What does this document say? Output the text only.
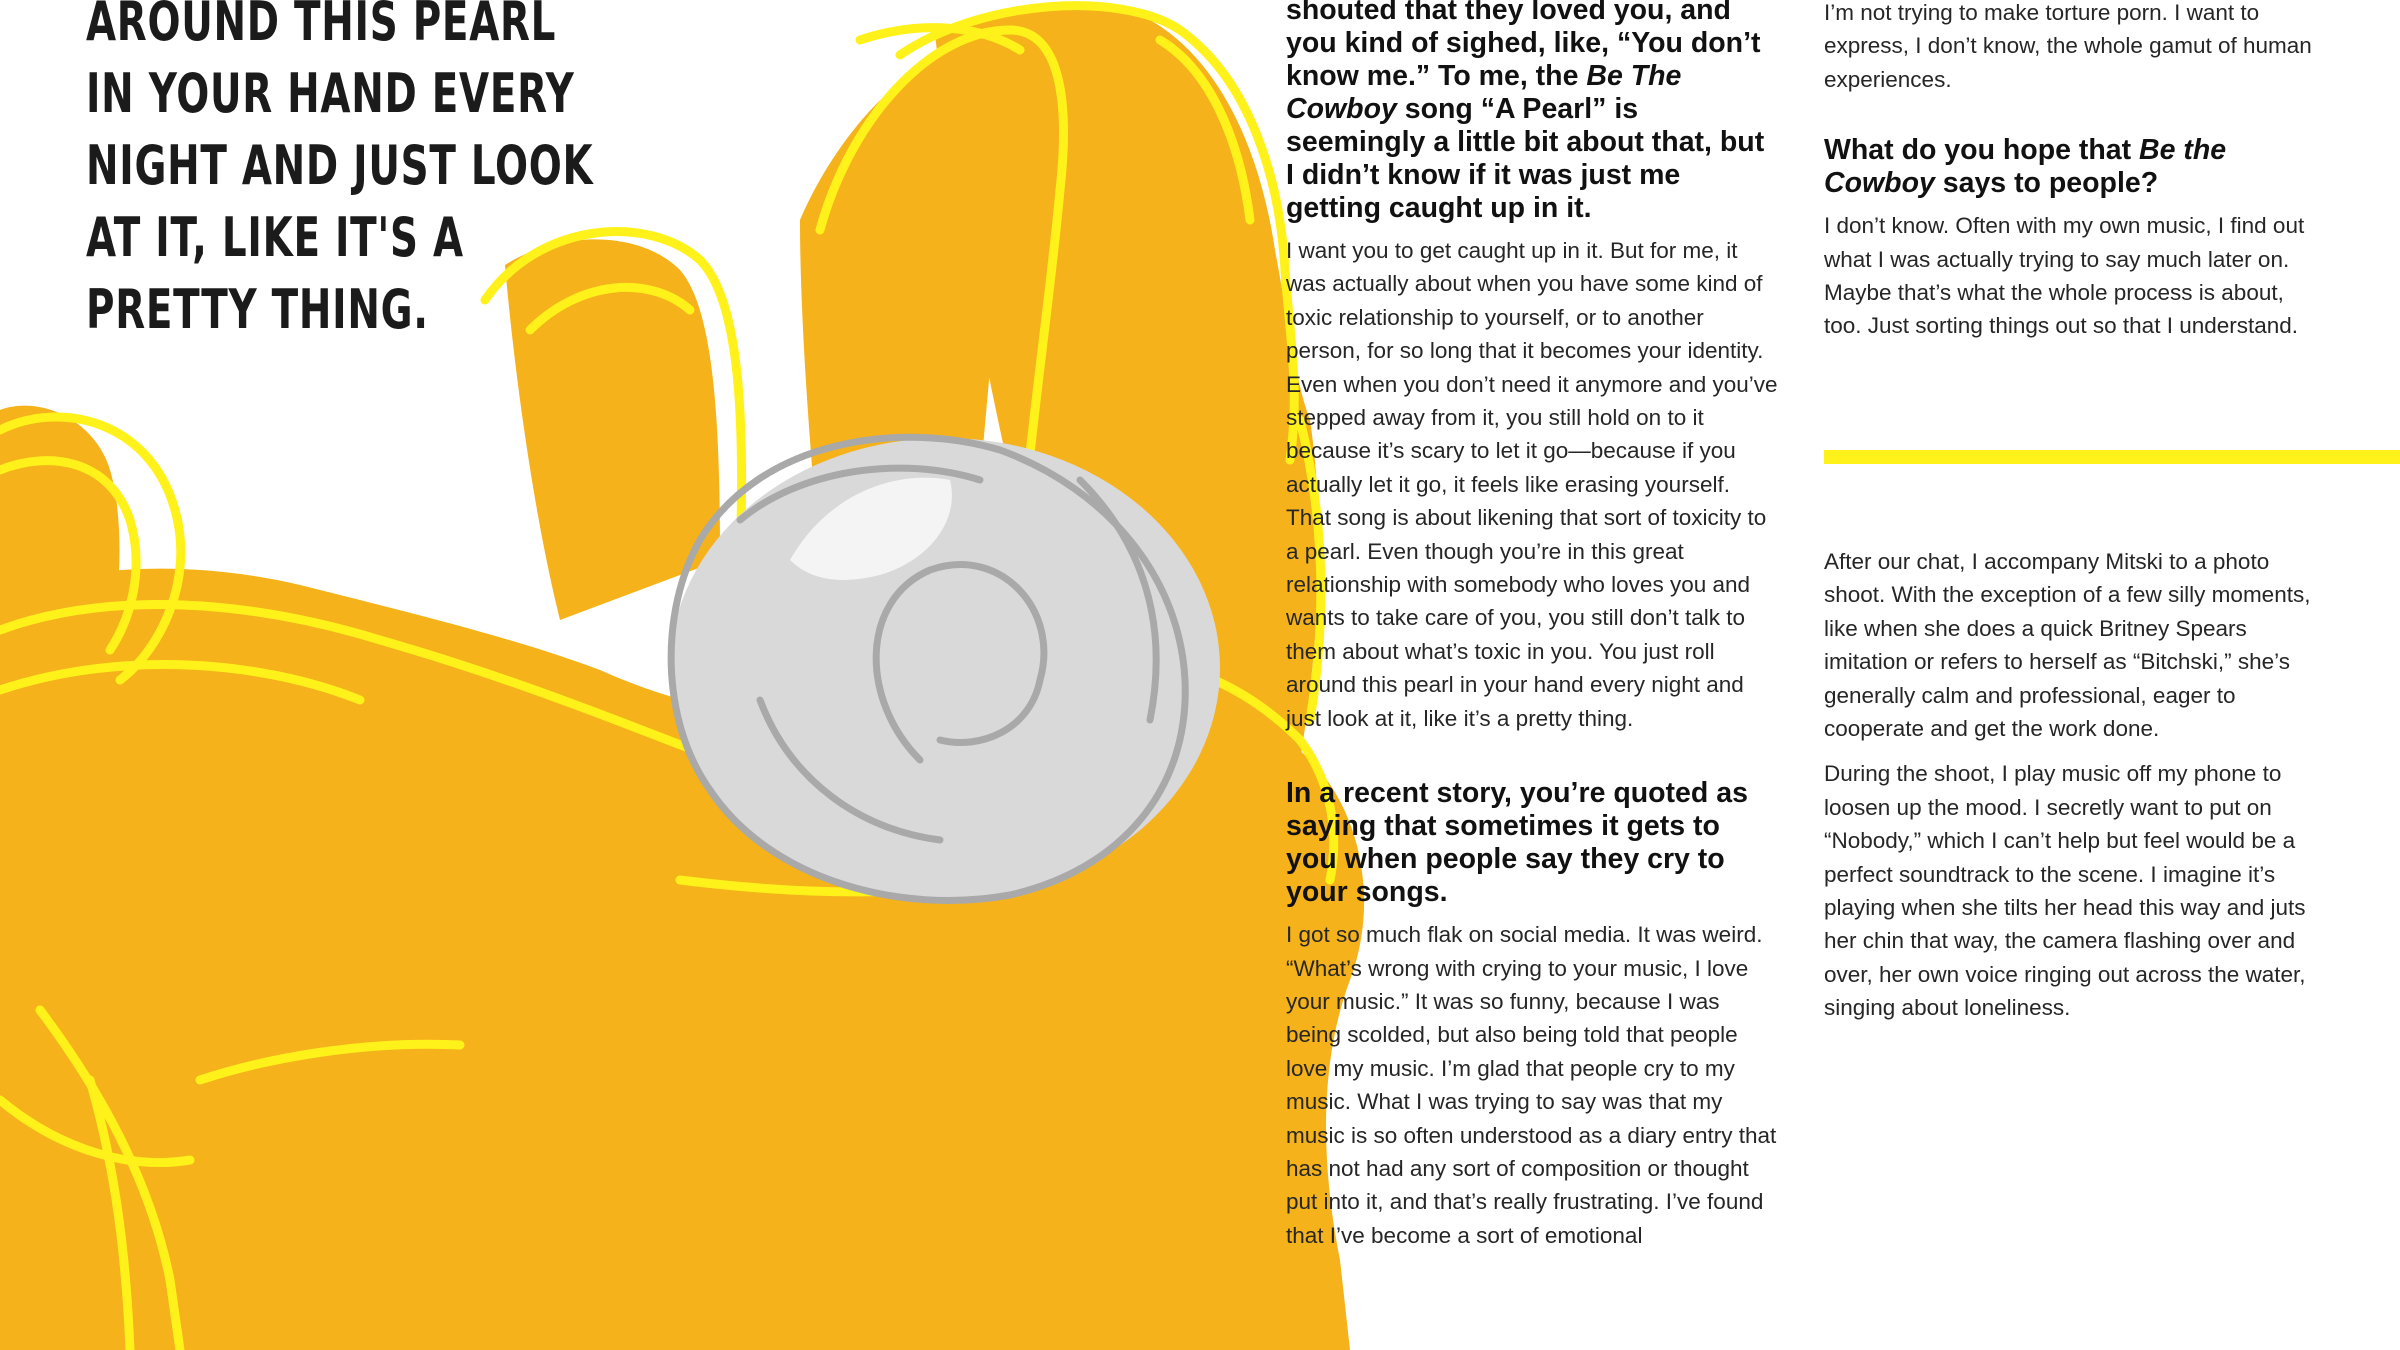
AROUND THIS PEARL
IN YOUR HAND EVERY
NIGHT AND JUST LOOK
AT IT, LIKE IT'S A
PRETTY THING.

shouted that they loved you, and you kind of sighed, like, “You don’t know me.” To me, the Be The Cowboy song “A Pearl” is seemingly a little bit about that, but I didn’t know if it was just me getting caught up in it.

I want you to get caught up in it. But for me, it was actually about when you have some kind of toxic relationship to yourself, or to another person, for so long that it becomes your identity. Even when you don’t need it anymore and you’ve stepped away from it, you still hold on to it because it’s scary to let it go—because if you actually let it go, it feels like erasing yourself. That song is about likening that sort of toxicity to a pearl. Even though you’re in this great relationship with somebody who loves you and wants to take care of you, you still don’t talk to them about what’s toxic in you. You just roll around this pearl in your hand every night and just look at it, like it’s a pretty thing.

In a recent story, you’re quoted as saying that sometimes it gets to you when people say they cry to your songs.

I got so much flak on social media. It was weird. “What’s wrong with crying to your music, I love your music.” It was so funny, because I was being scolded, but also being told that people love my music. I’m glad that people cry to my music. What I was trying to say was that my music is so often understood as a diary entry that has not had any sort of composition or thought put into it, and that’s really frustrating. I’ve found that I’ve become a sort of emotional

I’m not trying to make torture porn. I want to express, I don’t know, the whole gamut of human experiences.

What do you hope that Be the Cowboy says to people?

I don’t know. Often with my own music, I find out what I was actually trying to say much later on. Maybe that’s what the whole process is about, too. Just sorting things out so that I understand.

After our chat, I accompany Mitski to a photo shoot. With the exception of a few silly moments, like when she does a quick Britney Spears imitation or refers to herself as “Bitchski,” she’s generally calm and professional, eager to cooperate and get the work done.

During the shoot, I play music off my phone to loosen up the mood. I secretly want to put on “Nobody,” which I can’t help but feel would be a perfect soundtrack to the scene. I imagine it’s playing when she tilts her head this way and juts her chin that way, the camera flashing over and over, her own voice ringing out across the water, singing about loneliness.
